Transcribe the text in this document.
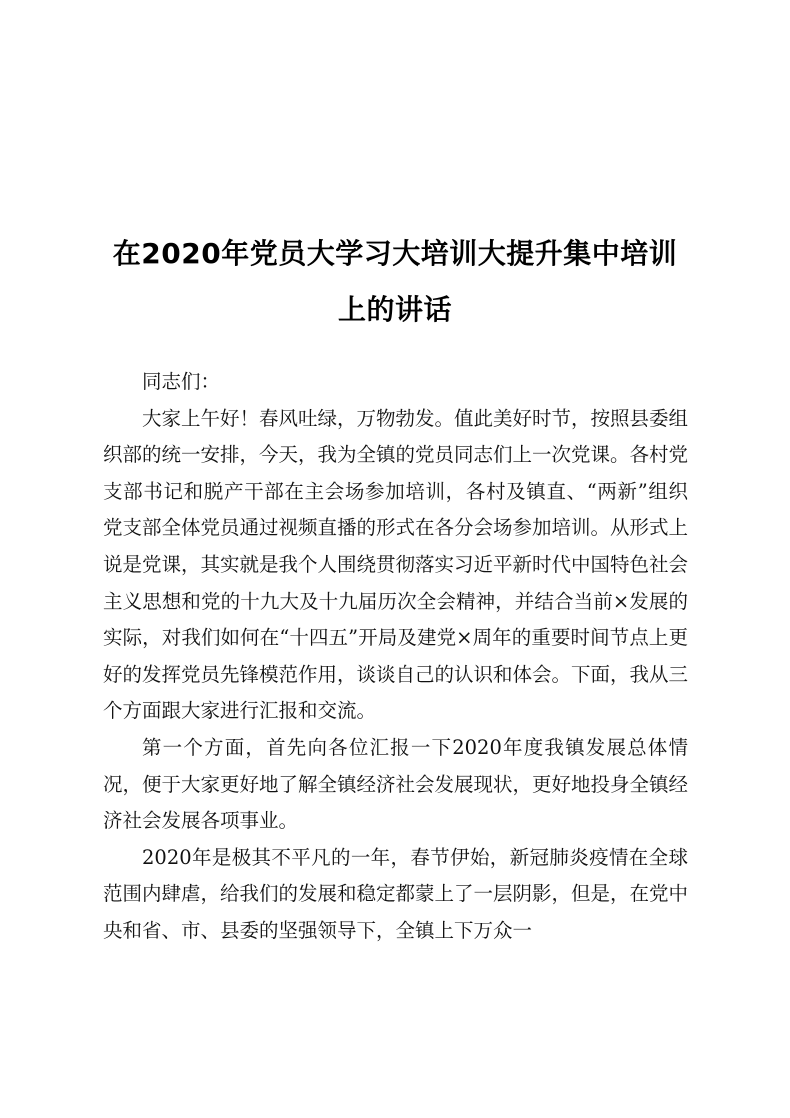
在2020年党员大学习大培训大提升集中培训
上的讲话

同志们：

大家上午好！春风吐绿，万物勃发。值此美好时节，按照县委组织部的统一安排，今天，我为全镇的党员同志们上一次党课。各村党支部书记和脱产干部在主会场参加培训，各村及镇直、“两新”组织党支部全体党员通过视频直播的形式在各分会场参加培训。从形式上说是党课，其实就是我个人围绕贯彻落实习近平新时代中国特色社会主义思想和党的十九大及十九届历次全会精神，并结合当前×发展的实际，对我们如何在“十四五”开局及建党×周年的重要时间节点上更好的发挥党员先锋模范作用，谈谈自己的认识和体会。下面，我从三个方面跟大家进行汇报和交流。

第一个方面，首先向各位汇报一下2020年度我镇发展总体情况，便于大家更好地了解全镇经济社会发展现状，更好地投身全镇经济社会发展各项事业。

2020年是极其不平凡的一年，春节伊始，新冠肺炎疫情在全球范围内肆虐，给我们的发展和稳定都蒙上了一层阴影，但是，在党中央和省、市、县委的坚强领导下，全镇上下万众一
